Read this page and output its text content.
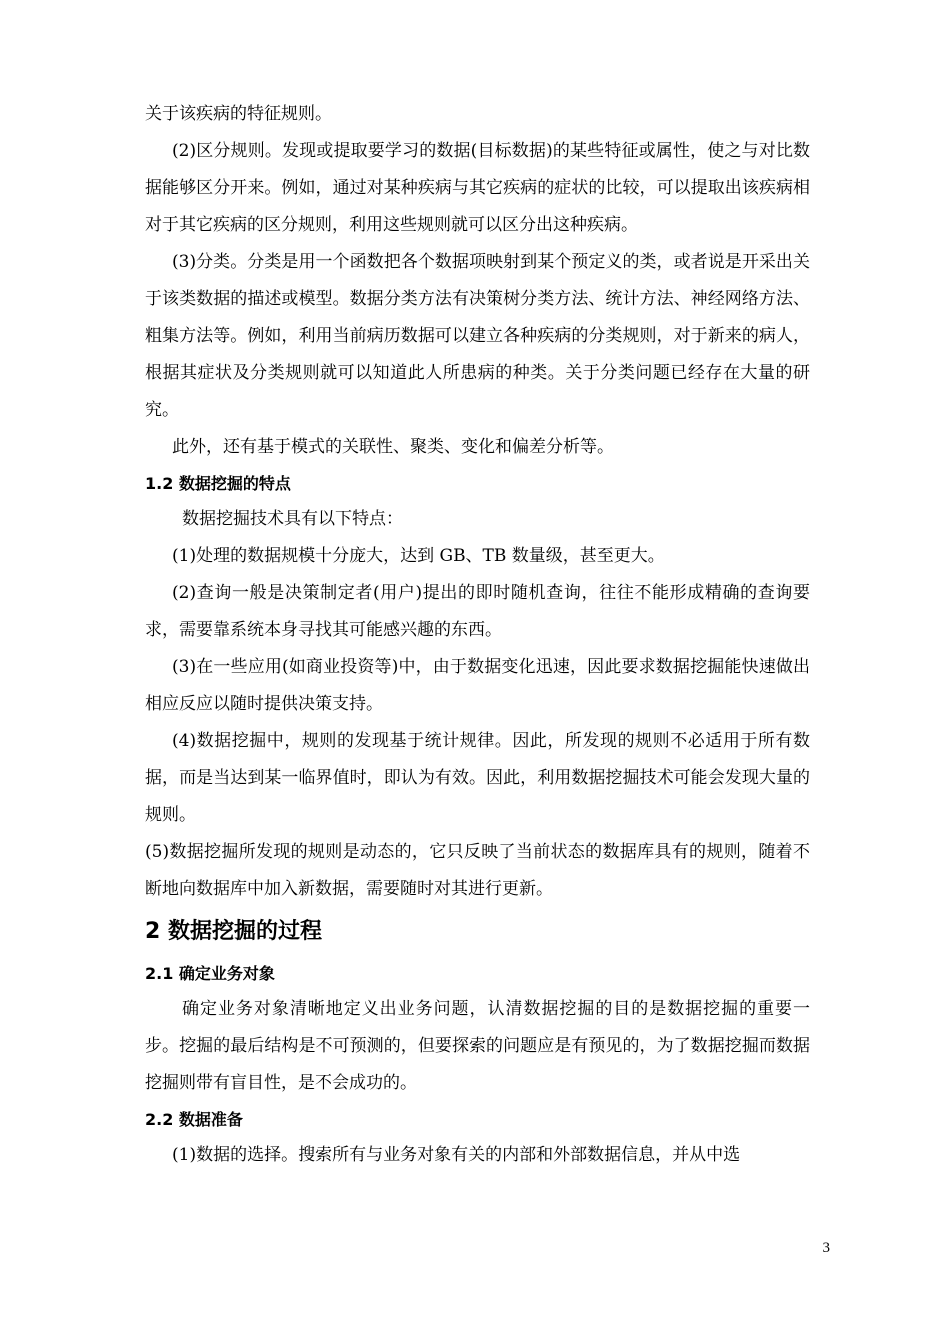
关于该疾病的特征规则。

(2)区分规则。发现或提取要学习的数据(目标数据)的某些特征或属性，使之与对比数据能够区分开来。例如，通过对某种疾病与其它疾病的症状的比较，可以提取出该疾病相对于其它疾病的区分规则，利用这些规则就可以区分出这种疾病。

(3)分类。分类是用一个函数把各个数据项映射到某个预定义的类，或者说是开采出关于该类数据的描述或模型。数据分类方法有决策树分类方法、统计方法、神经网络方法、粗集方法等。例如，利用当前病历数据可以建立各种疾病的分类规则，对于新来的病人，根据其症状及分类规则就可以知道此人所患病的种类。关于分类问题已经存在大量的研究。

此外，还有基于模式的关联性、聚类、变化和偏差分析等。

1.2 数据挖掘的特点

数据挖掘技术具有以下特点：

(1)处理的数据规模十分庞大，达到 GB、TB 数量级，甚至更大。

(2)查询一般是决策制定者(用户)提出的即时随机查询，往往不能形成精确的查询要求，需要靠系统本身寻找其可能感兴趣的东西。

(3)在一些应用(如商业投资等)中，由于数据变化迅速，因此要求数据挖掘能快速做出相应反应以随时提供决策支持。

(4)数据挖掘中，规则的发现基于统计规律。因此，所发现的规则不必适用于所有数据，而是当达到某一临界值时，即认为有效。因此，利用数据挖掘技术可能会发现大量的规则。

(5)数据挖掘所发现的规则是动态的，它只反映了当前状态的数据库具有的规则，随着不断地向数据库中加入新数据，需要随时对其进行更新。

2 数据挖掘的过程

2.1 确定业务对象

确定业务对象清晰地定义出业务问题，认清数据挖掘的目的是数据挖掘的重要一步。挖掘的最后结构是不可预测的，但要探索的问题应是有预见的，为了数据挖掘而数据挖掘则带有盲目性，是不会成功的。

2.2 数据准备

(1)数据的选择。搜索所有与业务对象有关的内部和外部数据信息，并从中选

3
